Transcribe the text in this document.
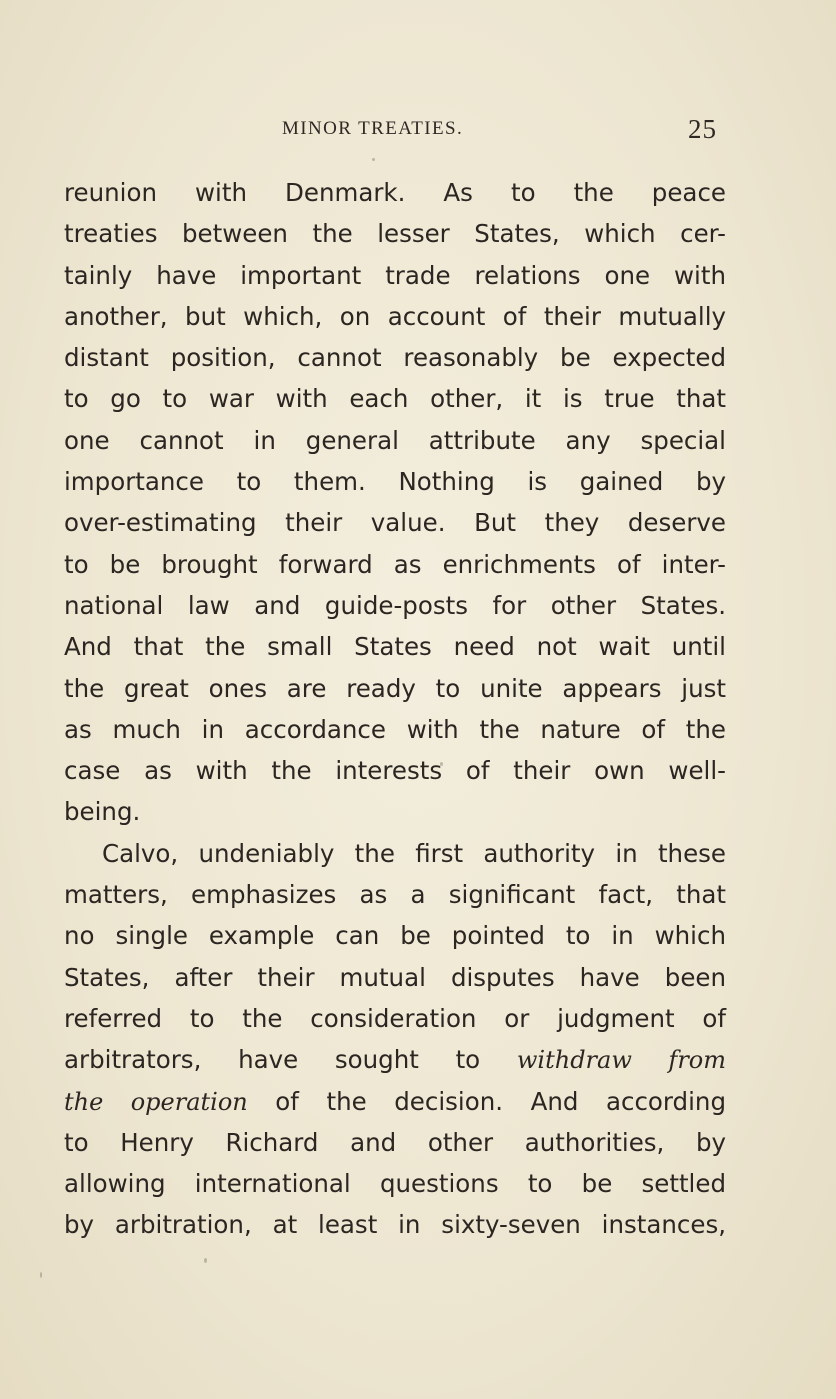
MINOR TREATIES.	25
reunion with Denmark. As to the peace
treaties between the lesser States, which cer-
tainly have important trade relations one with
another, but which, on account of their mutually
distant position, cannot reasonably be expected
to go to war with each other, it is true that
one cannot in general attribute any special
importance to them. Nothing is gained by
over-estimating their value. But they deserve
to be brought forward as enrichments of inter-
national law and guide-posts for other States.
And that the small States need not wait until
the great ones are ready to unite appears just
as much in accordance with the nature of the
case as with the interests of their own well-
being.
Calvo, undeniably the first authority in these
matters, emphasizes as a significant fact, that
no single example can be pointed to in which
States, after their mutual disputes have been
referred to the consideration or judgment of
arbitrators, have sought to withdraw from
the operation of the decision. And according
to Henry Richard and other authorities, by
allowing international questions to be settled
by arbitration, at least in sixty-seven instances,
